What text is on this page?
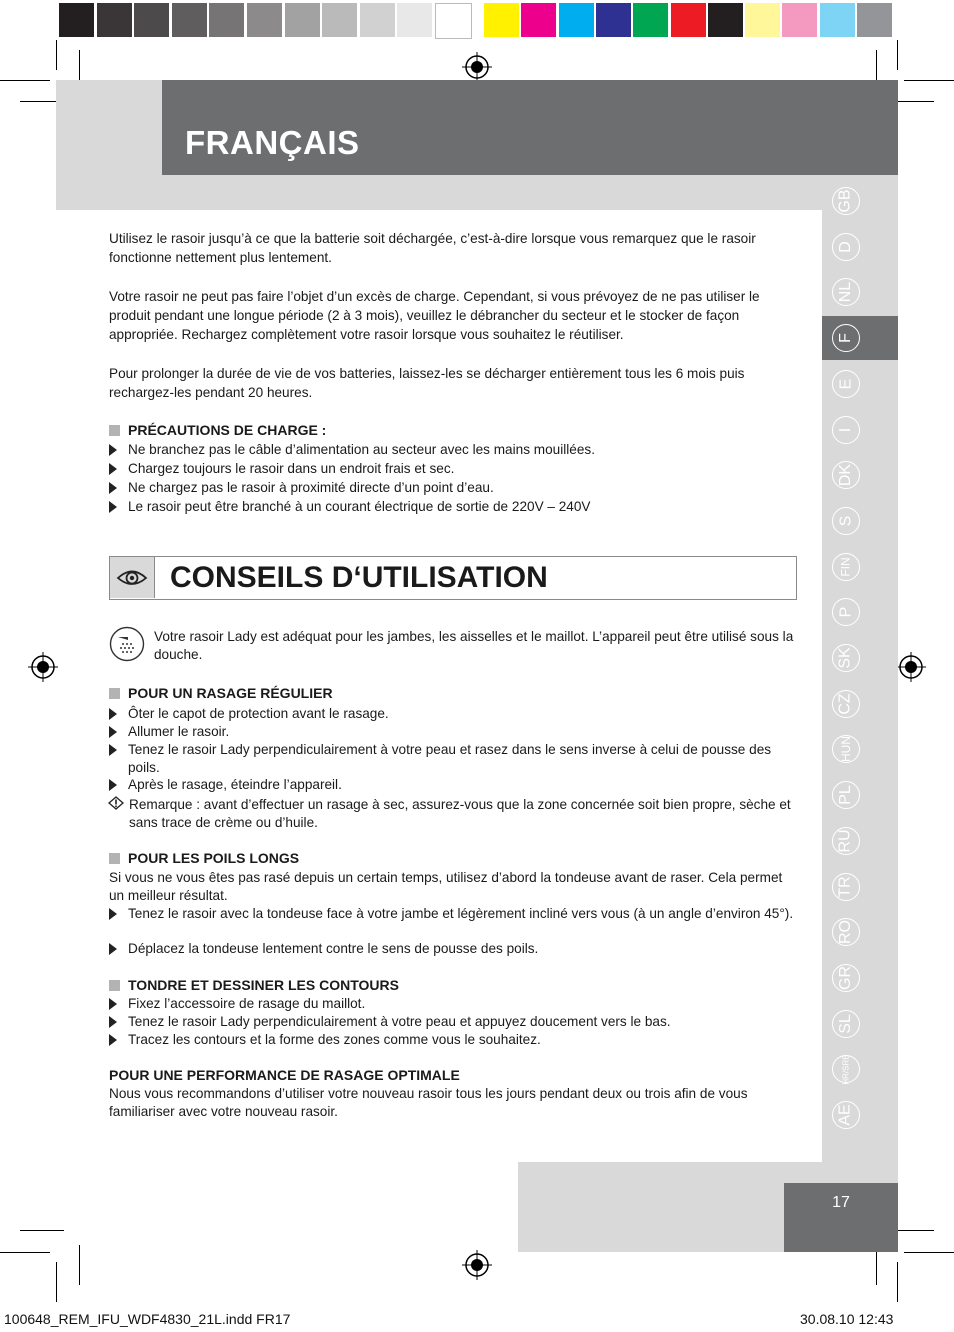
FRANÇAIS
GB
D
NL
F
E
I
DK
S
FIN
P
SK
CZ
HUN
PL
RU
TR
RO
GR
SL
HR/SRB
AE
Utilisez le rasoir jusqu’à ce que la batterie soit déchargée, c’est-à-dire lorsque vous remarquez que le rasoir fonctionne nettement plus lentement.
Votre rasoir ne peut pas faire l’objet d’un excès de charge. Cependant, si vous prévoyez de ne pas utiliser le produit pendant une longue période (2 à 3 mois), veuillez le débrancher du secteur et le stocker de façon appropriée. Rechargez complètement votre rasoir lorsque vous souhaitez le réutiliser.
Pour prolonger la durée de vie de vos batteries, laissez-les se décharger entièrement tous les 6 mois puis rechargez-les pendant 20 heures.
PRÉCAUTIONS DE CHARGE :
Ne branchez pas le câble d’alimentation au secteur avec les mains mouillées.
Chargez toujours le rasoir dans un endroit frais et sec.
Ne chargez pas le rasoir à proximité directe d’un point d’eau.
Le rasoir peut être branché à un courant électrique de sortie de 220V – 240V
CONSEILS D‘UTILISATION
Votre rasoir Lady est adéquat pour les jambes, les aisselles et le maillot. L’appareil peut être utilisé sous la douche.
POUR UN RASAGE RÉGULIER
Ôter le capot de protection avant le rasage.
Allumer le rasoir.
Tenez le rasoir Lady perpendiculairement à votre peau et rasez dans le sens inverse à celui de pousse des poils.
Après le rasage, éteindre l’appareil.
Remarque : avant d’effectuer un rasage à sec, assurez-vous que la zone concernée soit bien propre, sèche et sans trace de crème ou d’huile.
POUR LES POILS LONGS
Si vous ne vous êtes pas rasé depuis un certain temps, utilisez d’abord la tondeuse avant de raser. Cela permet un meilleur résultat.
Tenez le rasoir avec la tondeuse face à votre jambe et légèrement incliné vers vous (à un angle d’environ 45°).
Déplacez la tondeuse lentement contre le sens de pousse des poils.
TONDRE ET DESSINER LES CONTOURS
Fixez l’accessoire de rasage du maillot.
Tenez le rasoir Lady perpendiculairement à votre peau et appuyez doucement vers le bas.
Tracez les contours et la forme des zones comme vous le souhaitez.
POUR UNE PERFORMANCE DE RASAGE OPTIMALE
Nous vous recommandons d’utiliser votre nouveau rasoir tous les jours pendant deux ou trois afin de vous familiariser avec votre nouveau rasoir.
17
100648_REM_IFU_WDF4830_21L.indd FR17	30.08.10 12:43
